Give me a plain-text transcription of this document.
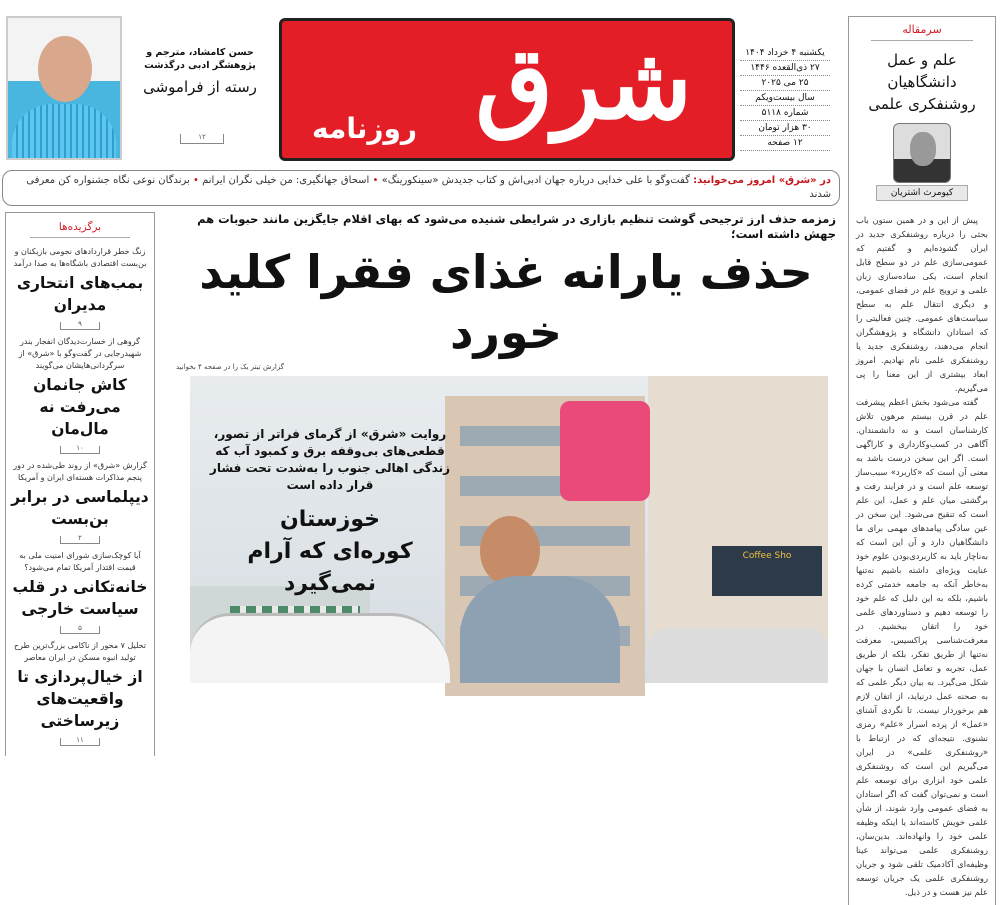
حسن کامشاد، مترجم و پژوهشگر ادبی درگذشت
رسته از فراموشی
۱۲	شرق
روزنامه
یکشنبه ۴ خرداد ۱۴۰۴
۲۷ ذی‌القعده ۱۴۴۶
۲۵ می ۲۰۲۵
سال بیست‌ویکم
شماره ۵۱۱۸
۳۰ هزار تومان
۱۲ صفحه
سرمقاله
علم و عمل دانشگاهیان روشنفکری علمی
کیومرث اشتریان

پیش از این و در همین ستون باب بحثی را درباره روشنفکری جدید در ایران گشوده‌ایم و گفتیم که عمومی‌سازی علم در دو سطح قابل انجام است، یکی ساده‌سازی زبان علمی و ترویج علم در فضای عمومی، و دیگری انتقال علم به سطح سیاست‌های عمومی. چنین فعالیتی را که استادان دانشگاه و پژوهشگران انجام می‌دهند، روشنفکری جدید یا روشنفکری علمی نام نهادیم. امروز ابعاد بیشتری از این معنا را پی می‌گیریم.

گفته می‌شود بخش اعظم پیشرفت علم در قرن بیستم مرهون تلاش کارشناسان است و نه دانشمندان. آگاهی در کسب‌وکارداری و کاراگهی است. اگر این سخن درست باشد به معنی آن است که «کاربرد» سبب‌ساز توسعه علم است و در فرایند رفت و برگشتی میان علم و عمل، این علم است که تنقیح می‌شود. این سخن در عین سادگی پیامدهای مهمی برای ما دانشگاهیان دارد و آن این است که به‌ناچار باید به کاربردی‌بودن علوم خود عنایت ویژه‌ای داشته باشیم نه‌تنها به‌خاطر آنکه به جامعه خدمتی کرده باشیم، بلکه به این دلیل که علم خود را توسعه دهیم و دستاوردهای علمی خود را اتقان ببخشیم. در معرفت‌شناسی پراکسیس، معرفت نه‌تنها از طریق تفکر، بلکه از طریق عمل، تجربه و تعامل انسان با جهان شکل می‌گیرد. به بیان دیگر علمی که به صحنه عمل درنیاید، از اتقان لازم هم برخوردار نیست. تا نگردی آشنای «عمل» از پرده اسرار «علم» رمزی نشنوی. نتیجه‌ای که در ارتباط با «روشنفکری علمی» در ایران می‌گیریم این است که روشنفکری علمی خود ابزاری برای توسعه علم است و نمی‌توان گفت که اگر استادان به فضای عمومی وارد شوند، از شأن علمی خویش کاسته‌اند یا اینکه وظیفه علمی خود را وانهاده‌اند. بدین‌سان، روشنفکری علمی می‌تواند عینا وظیفه‌ای آکادمیک تلقی شود و جریان روشنفکری علمی یک جریان توسعه علم نیز هست و در ذیل.

در «شرق» امروز می‌خوانید: گفت‌وگو با علی خدایی درباره جهان ادبی‌اش و کتاب جدیدش «سینکورینگ» • اسحاق جهانگیری: من خیلی نگران ایرانم • برندگان نوعی نگاه جشنواره کن معرفی شدند
برگزیده‌ها
زنگ خطر قراردادهای نجومی بازیکنان و بن‌بست اقتصادی باشگاه‌ها به صدا درآمد
بمب‌های انتحاری مدیران
۹
گروهی از خسارت‌دیدگان انفجار بندر شهیدرجایی در گفت‌وگو با «شرق» از سرگردانی‌هایشان می‌گویند
کاش جانمان می‌رفت نه مال‌مان
۱۰
گزارش «شرق» از روند طی‌شده در دور پنجم مذاکرات هسته‌ای ایران و آمریکا
دیپلماسی در برابر بن‌بست
۲
آیا کوچک‌سازی شورای امنیت ملی به قیمت اقتدار آمریکا تمام می‌شود؟
خانه‌تکانی در قلب سیاست خارجی
۵
تحلیل ۷ محور از ناکامی بزرگ‌ترین طرح تولید انبوه مسکن در ایران معاصر
از خیال‌پردازی تا واقعیت‌های زیرساختی
۱۱
زمزمه حذف ارز ترجیحی گوشت تنظیم بازاری در شرایطی شنیده می‌شود که بهای اقلام جایگزین مانند حبوبات هم جهش داشته است؛
حذف یارانه غذای فقرا کلید خورد
گزارش تیتر یک را در صفحه ۴ بخوانید
Coffee Sho
روایت «شرق» از گرمای فراتر از تصور، قطعی‌های بی‌وقفه برق و کمبود آب که زندگی اهالی جنوب را به‌شدت تحت فشار قرار داده است
خوزستان
کوره‌ای که آرام نمی‌گیرد
